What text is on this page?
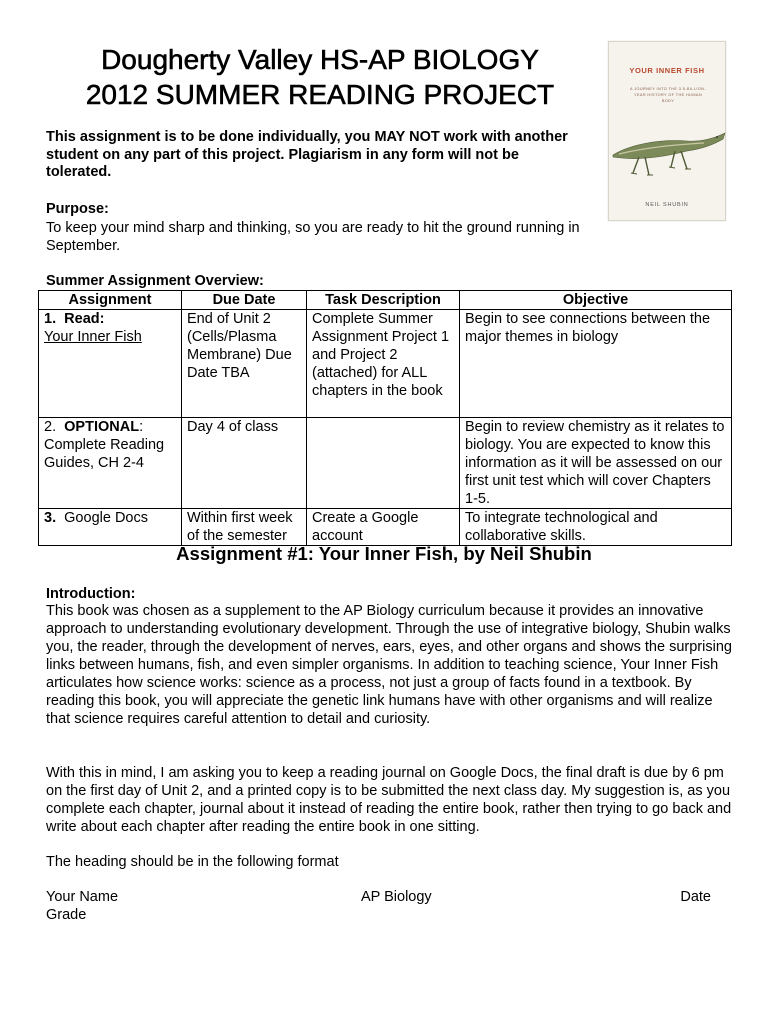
Dougherty Valley HS-AP BIOLOGY
2012 SUMMER READING PROJECT
YOUR INNER FISH
A JOURNEY INTO THE 3.5-BILLION-YEAR HISTORY OF THE HUMAN BODY
NEIL SHUBIN

This assignment is to be done individually, you MAY NOT work with another student on any part of this project. Plagiarism in any form will not be tolerated.

Purpose:

To keep your mind sharp and thinking, so you are ready to hit the ground running in September.

Summer Assignment Overview:

Assignment	Due Date	Task Description	Objective
1. Read:
Your Inner Fish	End of Unit 2 (Cells/Plasma Membrane) Due Date TBA	Complete Summer Assignment Project 1 and Project 2 (attached) for ALL chapters in the book	Begin to see connections between the major themes in biology
2. OPTIONAL:
Complete Reading Guides, CH 2-4	Day 4 of class		Begin to review chemistry as it relates to biology. You are expected to know this information as it will be assessed on our first unit test which will cover Chapters 1-5.
3. Google Docs	Within first week of the semester	Create a Google account	To integrate technological and collaborative skills.
Assignment #1: Your Inner Fish, by Neil Shubin

Introduction:

This book was chosen as a supplement to the AP Biology curriculum because it provides an innovative approach to understanding evolutionary development. Through the use of integrative biology, Shubin walks you, the reader, through the development of nerves, ears, eyes, and other organs and shows the surprising links between humans, fish, and even simpler organisms. In addition to teaching science, Your Inner Fish articulates how science works: science as a process, not just a group of facts found in a textbook. By reading this book, you will appreciate the genetic link humans have with other organisms and will realize that science requires careful attention to detail and curiosity.

With this in mind, I am asking you to keep a reading journal on Google Docs, the final draft is due by 6 pm on the first day of Unit 2, and a printed copy is to be submitted the next class day. My suggestion is, as you complete each chapter, journal about it instead of reading the entire book, rather then trying to go back and write about each chapter after reading the entire book in one sitting.

The heading should be in the following format

Your Name	AP Biology	Date
Grade
